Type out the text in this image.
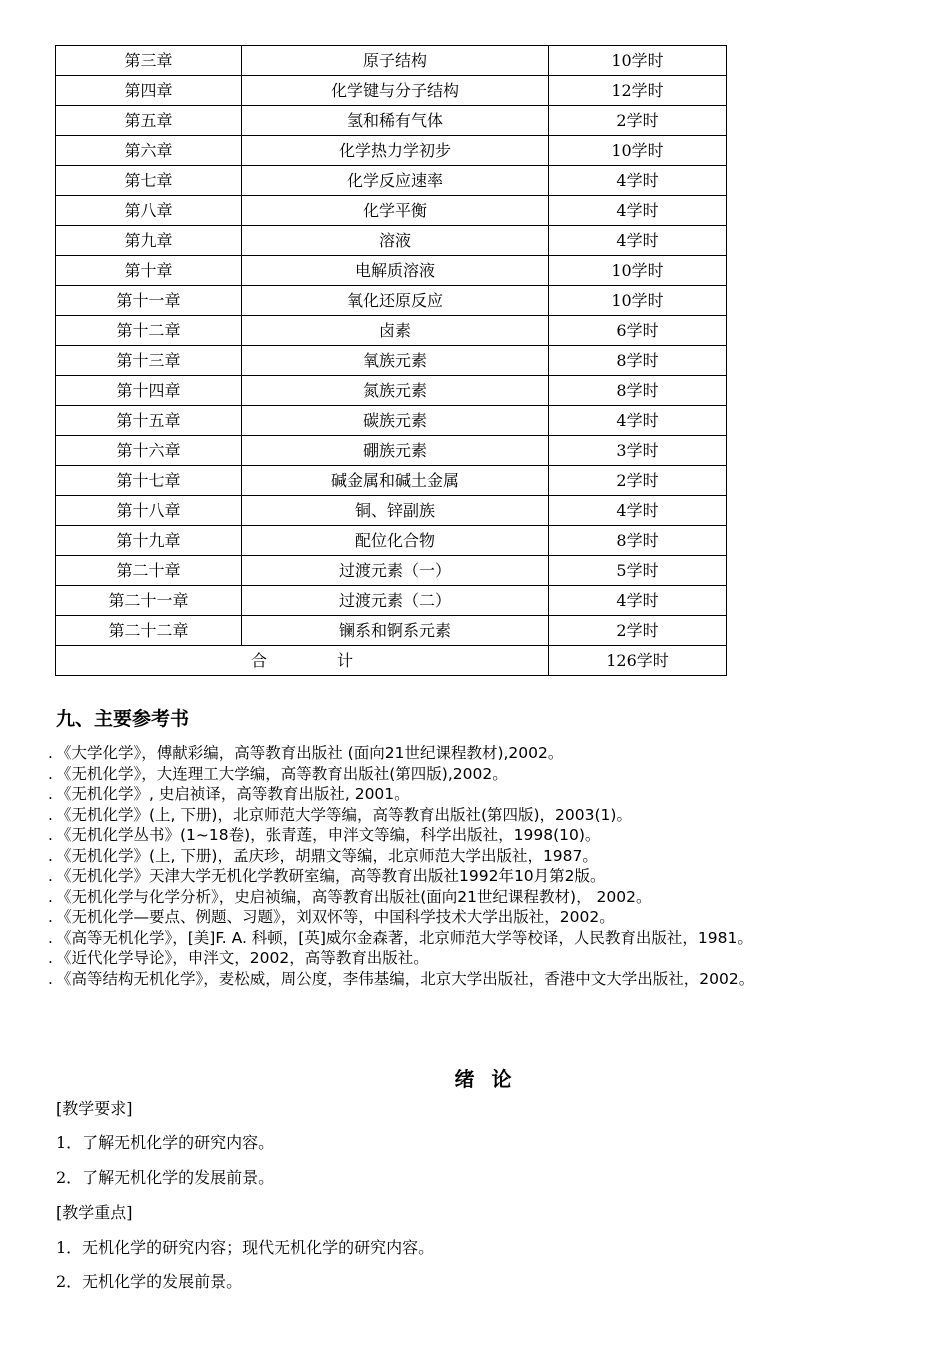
第三章	原子结构	10学时
第四章	化学键与分子结构	12学时
第五章	氢和稀有气体	2学时
第六章	化学热力学初步	10学时
第七章	化学反应速率	4学时
第八章	化学平衡	4学时
第九章	溶液	4学时
第十章	电解质溶液	10学时
第十一章	氧化还原反应	10学时
第十二章	卤素	6学时
第十三章	氧族元素	8学时
第十四章	氮族元素	8学时
第十五章	碳族元素	4学时
第十六章	硼族元素	3学时
第十七章	碱金属和碱土金属	2学时
第十八章	铜、锌副族	4学时
第十九章	配位化合物	8学时
第二十章	过渡元素（一）	5学时
第二十一章	过渡元素（二）	4学时
第二十二章	镧系和锕系元素	2学时
合 计		126学时
九、主要参考书
. 《大学化学》，傅献彩编，高等教育出版社 (面向21世纪课程教材),2002。
. 《无机化学》，大连理工大学编，高等教育出版社(第四版),2002。
. 《无机化学》, 史启祯译，高等教育出版社, 2001。
. 《无机化学》(上, 下册)，北京师范大学等编，高等教育出版社(第四版)，2003(1)。
. 《无机化学丛书》(1~18卷)，张青莲，申泮文等编，科学出版社，1998(10)。
. 《无机化学》(上, 下册)，孟庆珍，胡鼎文等编，北京师范大学出版社，1987。
. 《无机化学》天津大学无机化学教研室编，高等教育出版社1992年10月第2版。
. 《无机化学与化学分析》，史启祯编，高等教育出版社(面向21世纪课程教材)， 2002。
. 《无机化学—要点、例题、习题》，刘双怀等，中国科学技术大学出版社，2002。
. 《高等无机化学》，[美]F. A. 科顿，[英]威尔金森著，北京师范大学等校译，人民教育出版社，1981。
. 《近代化学导论》，申泮文，2002，高等教育出版社。
. 《高等结构无机化学》，麦松威，周公度，李伟基编，北京大学出版社，香港中文大学出版社，2002。
绪 论

[教学要求]

1．了解无机化学的研究内容。

2．了解无机化学的发展前景。

[教学重点]

1．无机化学的研究内容；现代无机化学的研究内容。

2．无机化学的发展前景。
